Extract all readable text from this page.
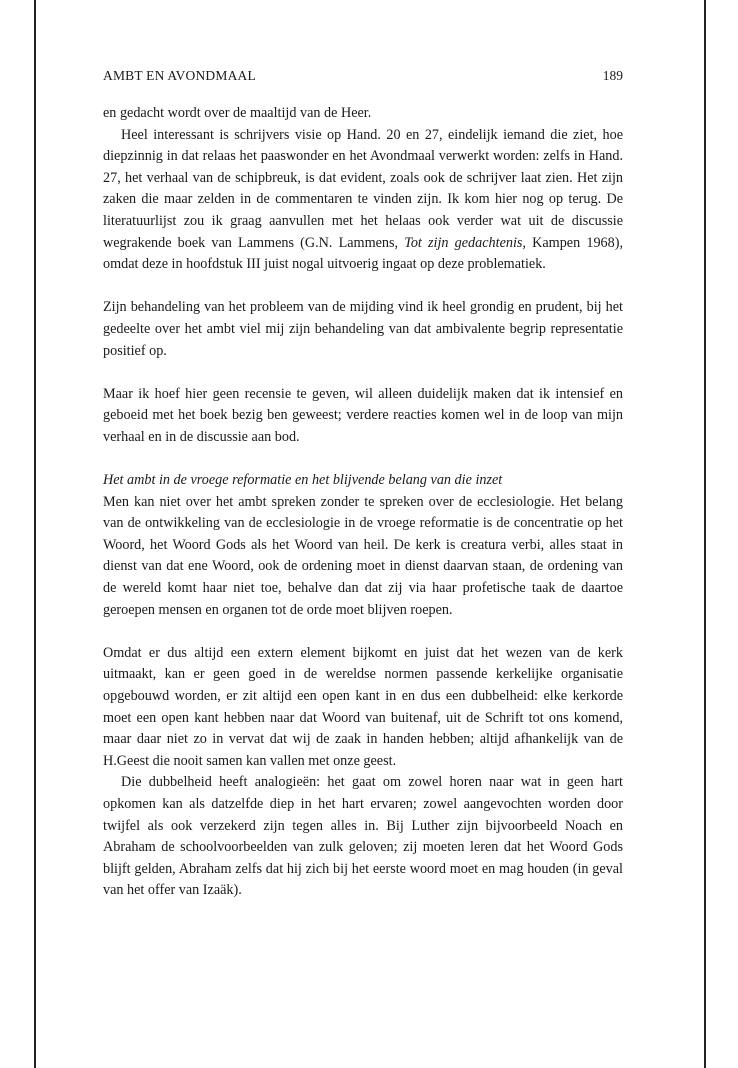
AMBT EN AVONDMAAL	189

en gedacht wordt over de maaltijd van de Heer.

Heel interessant is schrijvers visie op Hand. 20 en 27, eindelijk iemand die ziet, hoe diepzinnig in dat relaas het paaswonder en het Avondmaal verwerkt worden: zelfs in Hand. 27, het verhaal van de schipbreuk, is dat evident, zoals ook de schrijver laat zien. Het zijn zaken die maar zelden in de commentaren te vinden zijn. Ik kom hier nog op terug. De literatuurlijst zou ik graag aanvullen met het helaas ook verder wat uit de discussie wegrakende boek van Lammens (G.N. Lammens, Tot zijn gedachtenis, Kampen 1968), omdat deze in hoofdstuk III juist nogal uitvoerig ingaat op deze problematiek.

Zijn behandeling van het probleem van de mijding vind ik heel grondig en prudent, bij het gedeelte over het ambt viel mij zijn behandeling van dat ambivalente begrip representatie positief op.

Maar ik hoef hier geen recensie te geven, wil alleen duidelijk maken dat ik intensief en geboeid met het boek bezig ben geweest; verdere reacties komen wel in de loop van mijn verhaal en in de discussie aan bod.

Het ambt in de vroege reformatie en het blijvende belang van die inzet

Men kan niet over het ambt spreken zonder te spreken over de ecclesiologie. Het belang van de ontwikkeling van de ecclesiologie in de vroege reformatie is de concentratie op het Woord, het Woord Gods als het Woord van heil. De kerk is creatura verbi, alles staat in dienst van dat ene Woord, ook de ordening moet in dienst daarvan staan, de ordening van de wereld komt haar niet toe, behalve dan dat zij via haar profetische taak de daartoe geroepen mensen en organen tot de orde moet blijven roepen.

Omdat er dus altijd een extern element bijkomt en juist dat het wezen van de kerk uitmaakt, kan er geen goed in de wereldse normen passende kerkelijke organisatie opgebouwd worden, er zit altijd een open kant in en dus een dubbelheid: elke kerkorde moet een open kant hebben naar dat Woord van buitenaf, uit de Schrift tot ons komend, maar daar niet zo in vervat dat wij de zaak in handen hebben; altijd afhankelijk van de H.Geest die nooit samen kan vallen met onze geest.

Die dubbelheid heeft analogieën: het gaat om zowel horen naar wat in geen hart opkomen kan als datzelfde diep in het hart ervaren; zowel aangevochten worden door twijfel als ook verzekerd zijn tegen alles in. Bij Luther zijn bijvoorbeeld Noach en Abraham de schoolvoorbeelden van zulk geloven; zij moeten leren dat het Woord Gods blijft gelden, Abraham zelfs dat hij zich bij het eerste woord moet en mag houden (in geval van het offer van Izaäk).
